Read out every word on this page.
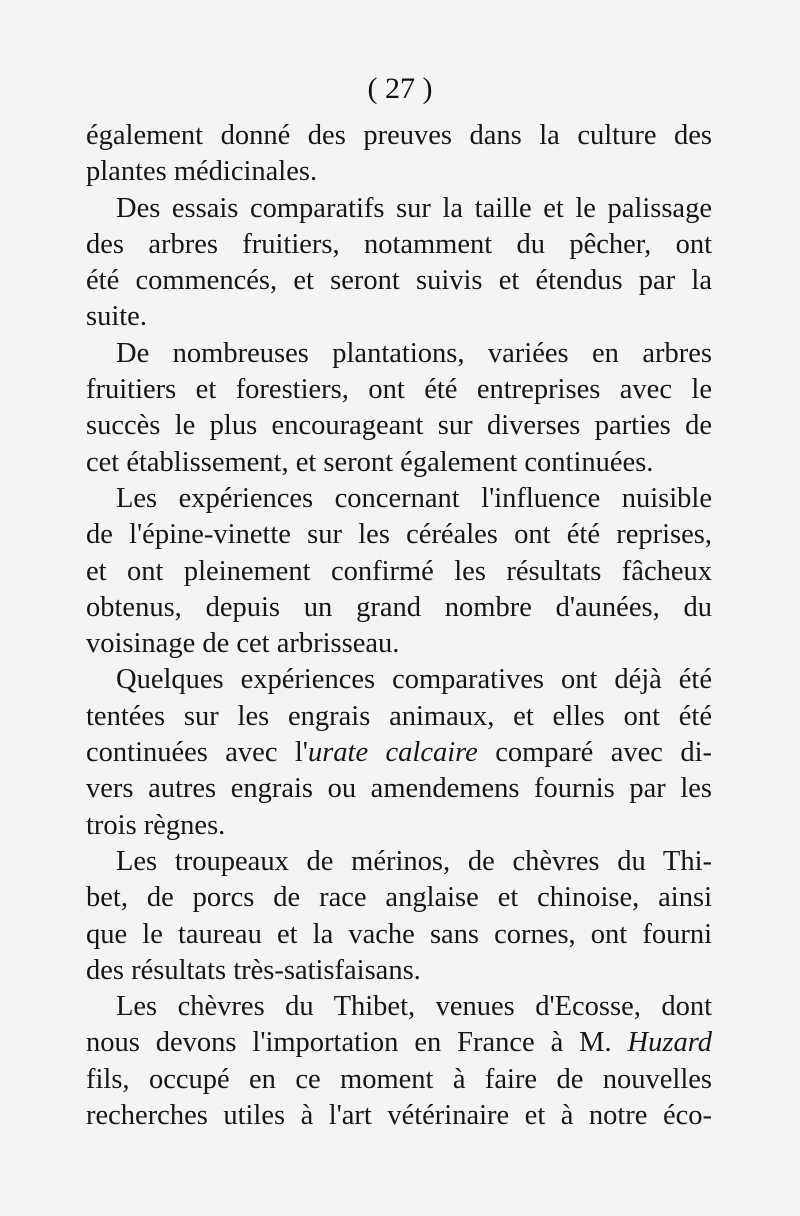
( 27 )
également donné des preuves dans la culture des
plantes médicinales.
Des essais comparatifs sur la taille et le palissage
des arbres fruitiers, notamment du pêcher, ont
été commencés, et seront suivis et étendus par la
suite.
De nombreuses plantations, variées en arbres
fruitiers et forestiers, ont été entreprises avec le
succès le plus encourageant sur diverses parties de
cet établissement, et seront également continuées.
Les expériences concernant l'influence nuisible
de l'épine-vinette sur les céréales ont été reprises,
et ont pleinement confirmé les résultats fâcheux
obtenus, depuis un grand nombre d'aunées, du
voisinage de cet arbrisseau.
Quelques expériences comparatives ont déjà été
tentées sur les engrais animaux, et elles ont été
continuées avec l'urate calcaire comparé avec di-
vers autres engrais ou amendemens fournis par les
trois règnes.
Les troupeaux de mérinos, de chèvres du Thi-
bet, de porcs de race anglaise et chinoise, ainsi
que le taureau et la vache sans cornes, ont fourni
des résultats très-satisfaisans.
Les chèvres du Thibet, venues d'Ecosse, dont
nous devons l'importation en France à M. Huzard
fils, occupé en ce moment à faire de nouvelles
recherches utiles à l'art vétérinaire et à notre éco-
